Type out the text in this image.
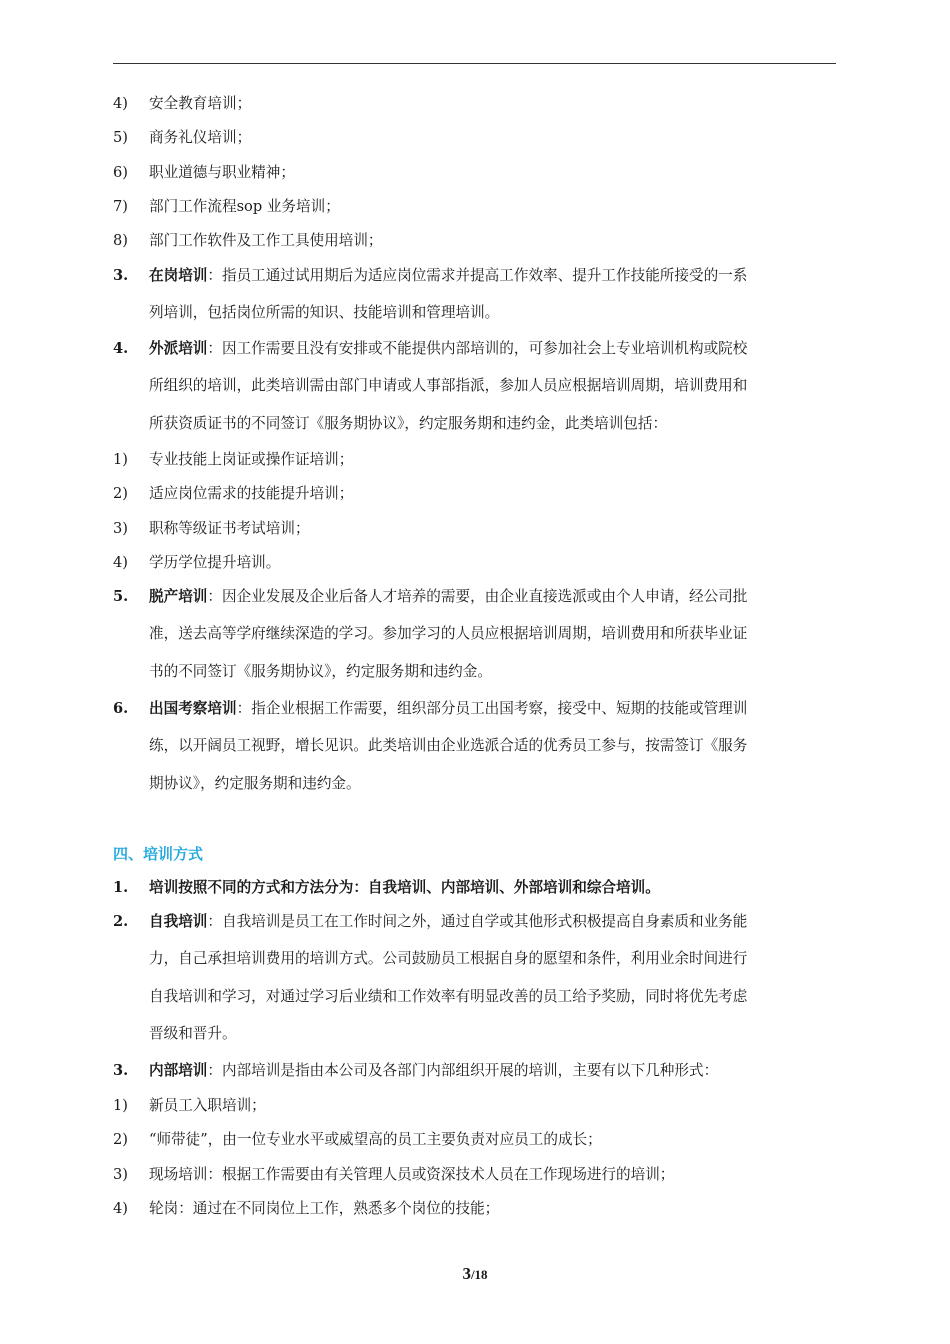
4) 安全教育培训；
5) 商务礼仪培训；
6) 职业道德与职业精神；
7) 部门工作流程sop 业务培训；
8) 部门工作软件及工作工具使用培训；
3. 在岗培训：指员工通过试用期后为适应岗位需求并提高工作效率、提升工作技能所接受的一系
列培训，包括岗位所需的知识、技能培训和管理培训。
4. 外派培训：因工作需要且没有安排或不能提供内部培训的，可参加社会上专业培训机构或院校
所组织的培训，此类培训需由部门申请或人事部指派，参加人员应根据培训周期，培训费用和
所获资质证书的不同签订《服务期协议》，约定服务期和违约金，此类培训包括：
1) 专业技能上岗证或操作证培训；
2) 适应岗位需求的技能提升培训；
3) 职称等级证书考试培训；
4) 学历学位提升培训。
5. 脱产培训：因企业发展及企业后备人才培养的需要，由企业直接选派或由个人申请，经公司批
准，送去高等学府继续深造的学习。参加学习的人员应根据培训周期，培训费用和所获毕业证
书的不同签订《服务期协议》，约定服务期和违约金。
6. 出国考察培训：指企业根据工作需要，组织部分员工出国考察，接受中、短期的技能或管理训
练，以开阔员工视野，增长见识。此类培训由企业选派合适的优秀员工参与，按需签订《服务
期协议》，约定服务期和违约金。
四、培训方式
1. 培训按照不同的方式和方法分为：自我培训、内部培训、外部培训和综合培训。
2. 自我培训：自我培训是员工在工作时间之外，通过自学或其他形式积极提高自身素质和业务能
力，自己承担培训费用的培训方式。公司鼓励员工根据自身的愿望和条件，利用业余时间进行
自我培训和学习，对通过学习后业绩和工作效率有明显改善的员工给予奖励，同时将优先考虑
晋级和晋升。
3. 内部培训：内部培训是指由本公司及各部门内部组织开展的培训，主要有以下几种形式：
1) 新员工入职培训；
2) “师带徒”，由一位专业水平或威望高的员工主要负责对应员工的成长；
3) 现场培训：根据工作需要由有关管理人员或资深技术人员在工作现场进行的培训；
4) 轮岗：通过在不同岗位上工作，熟悉多个岗位的技能；
3/18
